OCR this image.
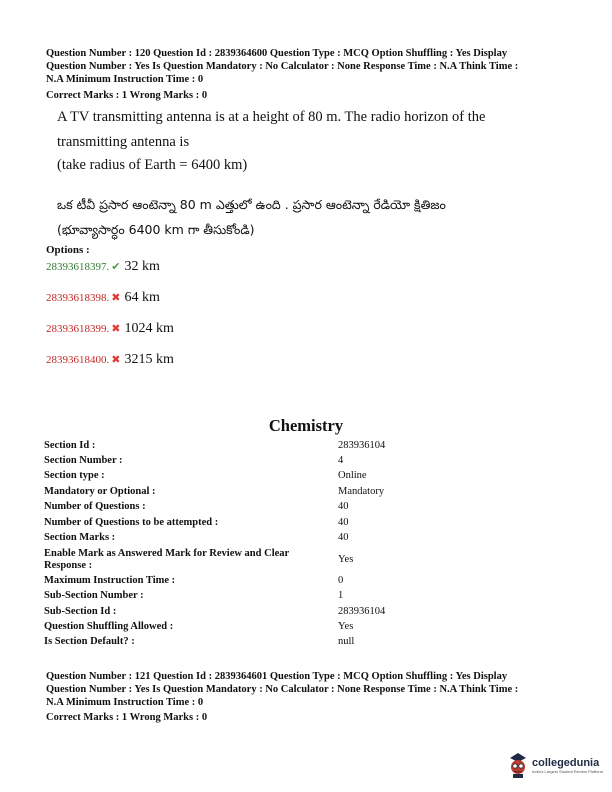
Question Number : 120 Question Id : 2839364600 Question Type : MCQ Option Shuffling : Yes Display

Question Number : Yes Is Question Mandatory : No Calculator : None Response Time : N.A Think Time :

N.A Minimum Instruction Time : 0

Correct Marks : 1 Wrong Marks : 0

A TV transmitting antenna is at a height of 80 m. The radio horizon of the

transmitting antenna is

(take radius of Earth = 6400 km)

ఒక టీవీ ప్రసార ఆంటెన్నా 80 m ఎత్తులో ఉంది . ప్రసార ఆంటెన్నా రేడియో క్షితిజం

(భూవ్యాసార్ధం 6400 km గా తీసుకోండి)

Options :

28393618397. ✔ 32 km
28393618398. ✖ 64 km
28393618399. ✖ 1024 km
28393618400. ✖ 3215 km
Chemistry
Section Id :	283936104
Section Number :	4
Section type :	Online
Mandatory or Optional :	Mandatory
Number of Questions :	40
Number of Questions to be attempted :	40
Section Marks :	40
Enable Mark as Answered Mark for Review and Clear Response :
Yes
Maximum Instruction Time :	0
Sub-Section Number :	1
Sub-Section Id :	283936104
Question Shuffling Allowed :	Yes
Is Section Default? :	null

Question Number : 121 Question Id : 2839364601 Question Type : MCQ Option Shuffling : Yes Display

Question Number : Yes Is Question Mandatory : No Calculator : None Response Time : N.A Think Time :

N.A Minimum Instruction Time : 0

Correct Marks : 1 Wrong Marks : 0

collegedunia
India's Largest Student Review Platform
